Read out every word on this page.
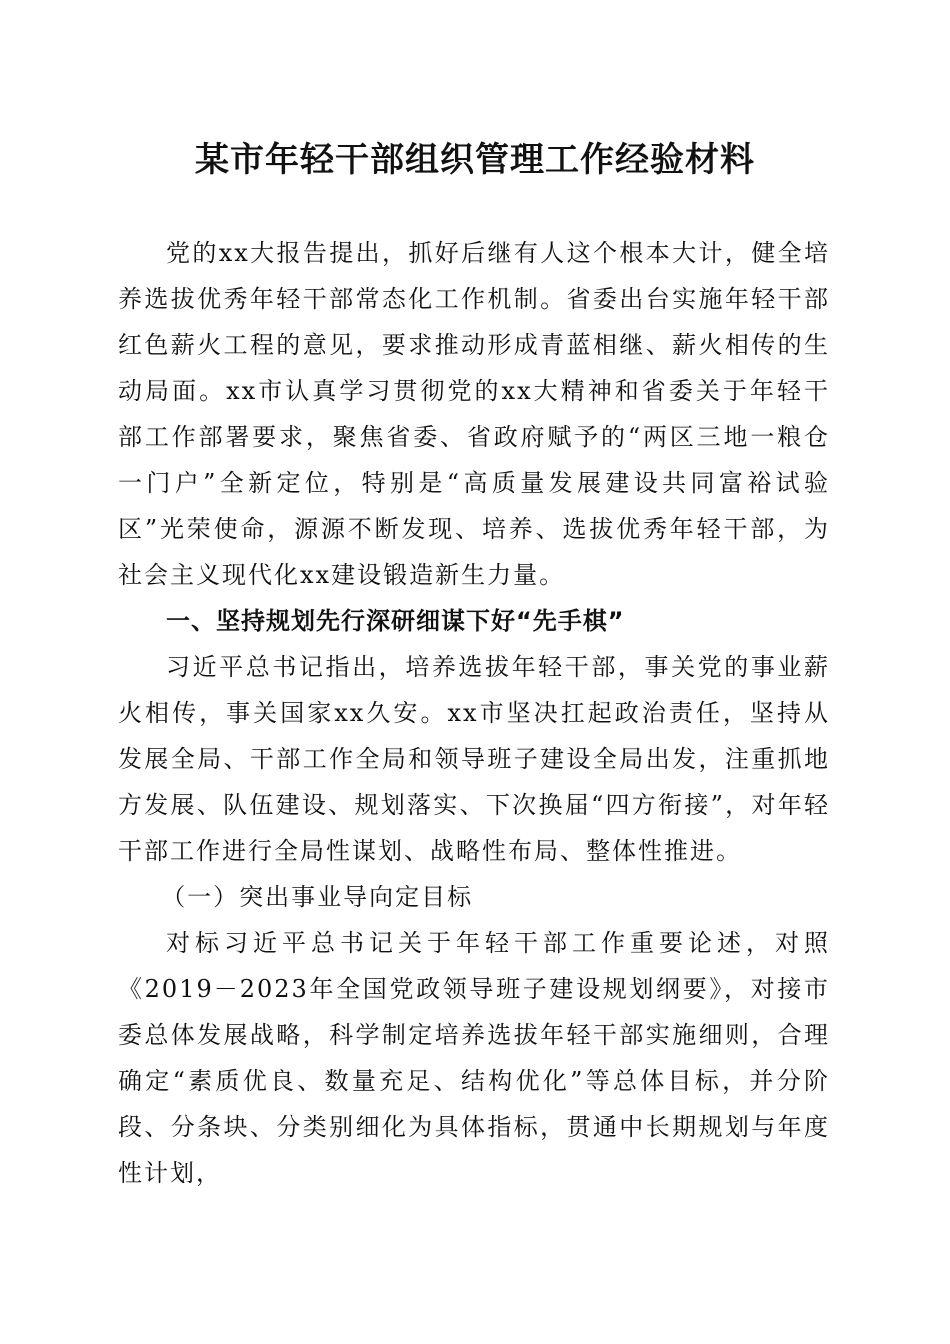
某市年轻干部组织管理工作经验材料

党的xx大报告提出，抓好后继有人这个根本大计，健全培养选拔优秀年轻干部常态化工作机制。省委出台实施年轻干部红色薪火工程的意见，要求推动形成青蓝相继、薪火相传的生动局面。xx市认真学习贯彻党的xx大精神和省委关于年轻干部工作部署要求，聚焦省委、省政府赋予的“两区三地一粮仓一门户”全新定位，特别是“高质量发展建设共同富裕试验区”光荣使命，源源不断发现、培养、选拔优秀年轻干部，为社会主义现代化xx建设锻造新生力量。

一、坚持规划先行深研细谋下好“先手棋”

习近平总书记指出，培养选拔年轻干部，事关党的事业薪火相传，事关国家xx久安。xx市坚决扛起政治责任，坚持从发展全局、干部工作全局和领导班子建设全局出发，注重抓地方发展、队伍建设、规划落实、下次换届“四方衔接”，对年轻干部工作进行全局性谋划、战略性布局、整体性推进。

（一）突出事业导向定目标

对标习近平总书记关于年轻干部工作重要论述，对照《2019－2023年全国党政领导班子建设规划纲要》，对接市委总体发展战略，科学制定培养选拔年轻干部实施细则，合理确定“素质优良、数量充足、结构优化”等总体目标，并分阶段、分条块、分类别细化为具体指标，贯通中长期规划与年度性计划，
